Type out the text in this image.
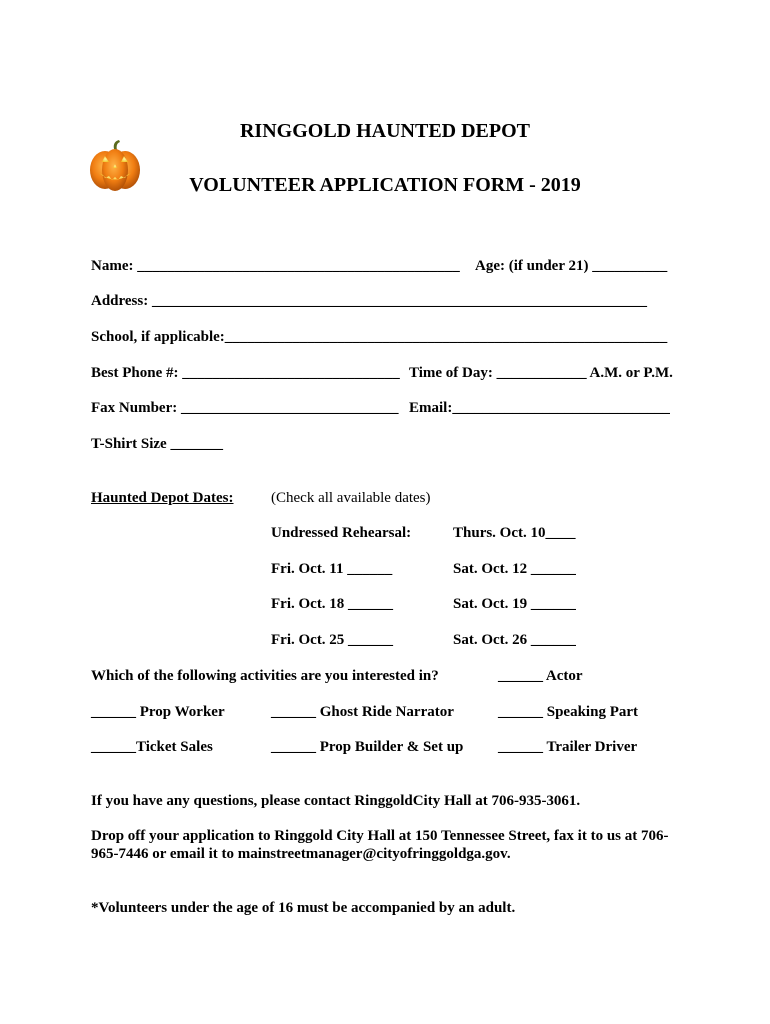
RINGGOLD HAUNTED DEPOT
VOLUNTEER APPLICATION FORM - 2019
Name: ___________________________________________ Age: (if under 21) __________
Address: __________________________________________________________________
School, if applicable:___________________________________________________________
Best Phone #: _____________________________ Time of Day: ____________ A.M. or P.M.
Fax Number: _____________________________ Email:_____________________________
T-Shirt Size _______
Haunted Depot Dates:	(Check all available dates)
Undressed Rehearsal:	Thurs. Oct. 10____
Fri. Oct. 11 ______	Sat. Oct. 12 ______
Fri. Oct. 18 ______	Sat. Oct. 19 ______
Fri. Oct. 25 ______	Sat. Oct. 26 ______
Which of the following activities are you interested in?	______ Actor
______ Prop Worker	______ Ghost Ride Narrator	______ Speaking Part
______Ticket Sales	______ Prop Builder & Set up ______ Trailer Driver
If you have any questions, please contact RinggoldCity Hall at 706-935-3061.
Drop off your application to Ringgold City Hall at 150 Tennessee Street, fax it to us at 706-
965-7446 or email it to mainstreetmanager@cityofringgoldga.gov.
*Volunteers under the age of 16 must be accompanied by an adult.
